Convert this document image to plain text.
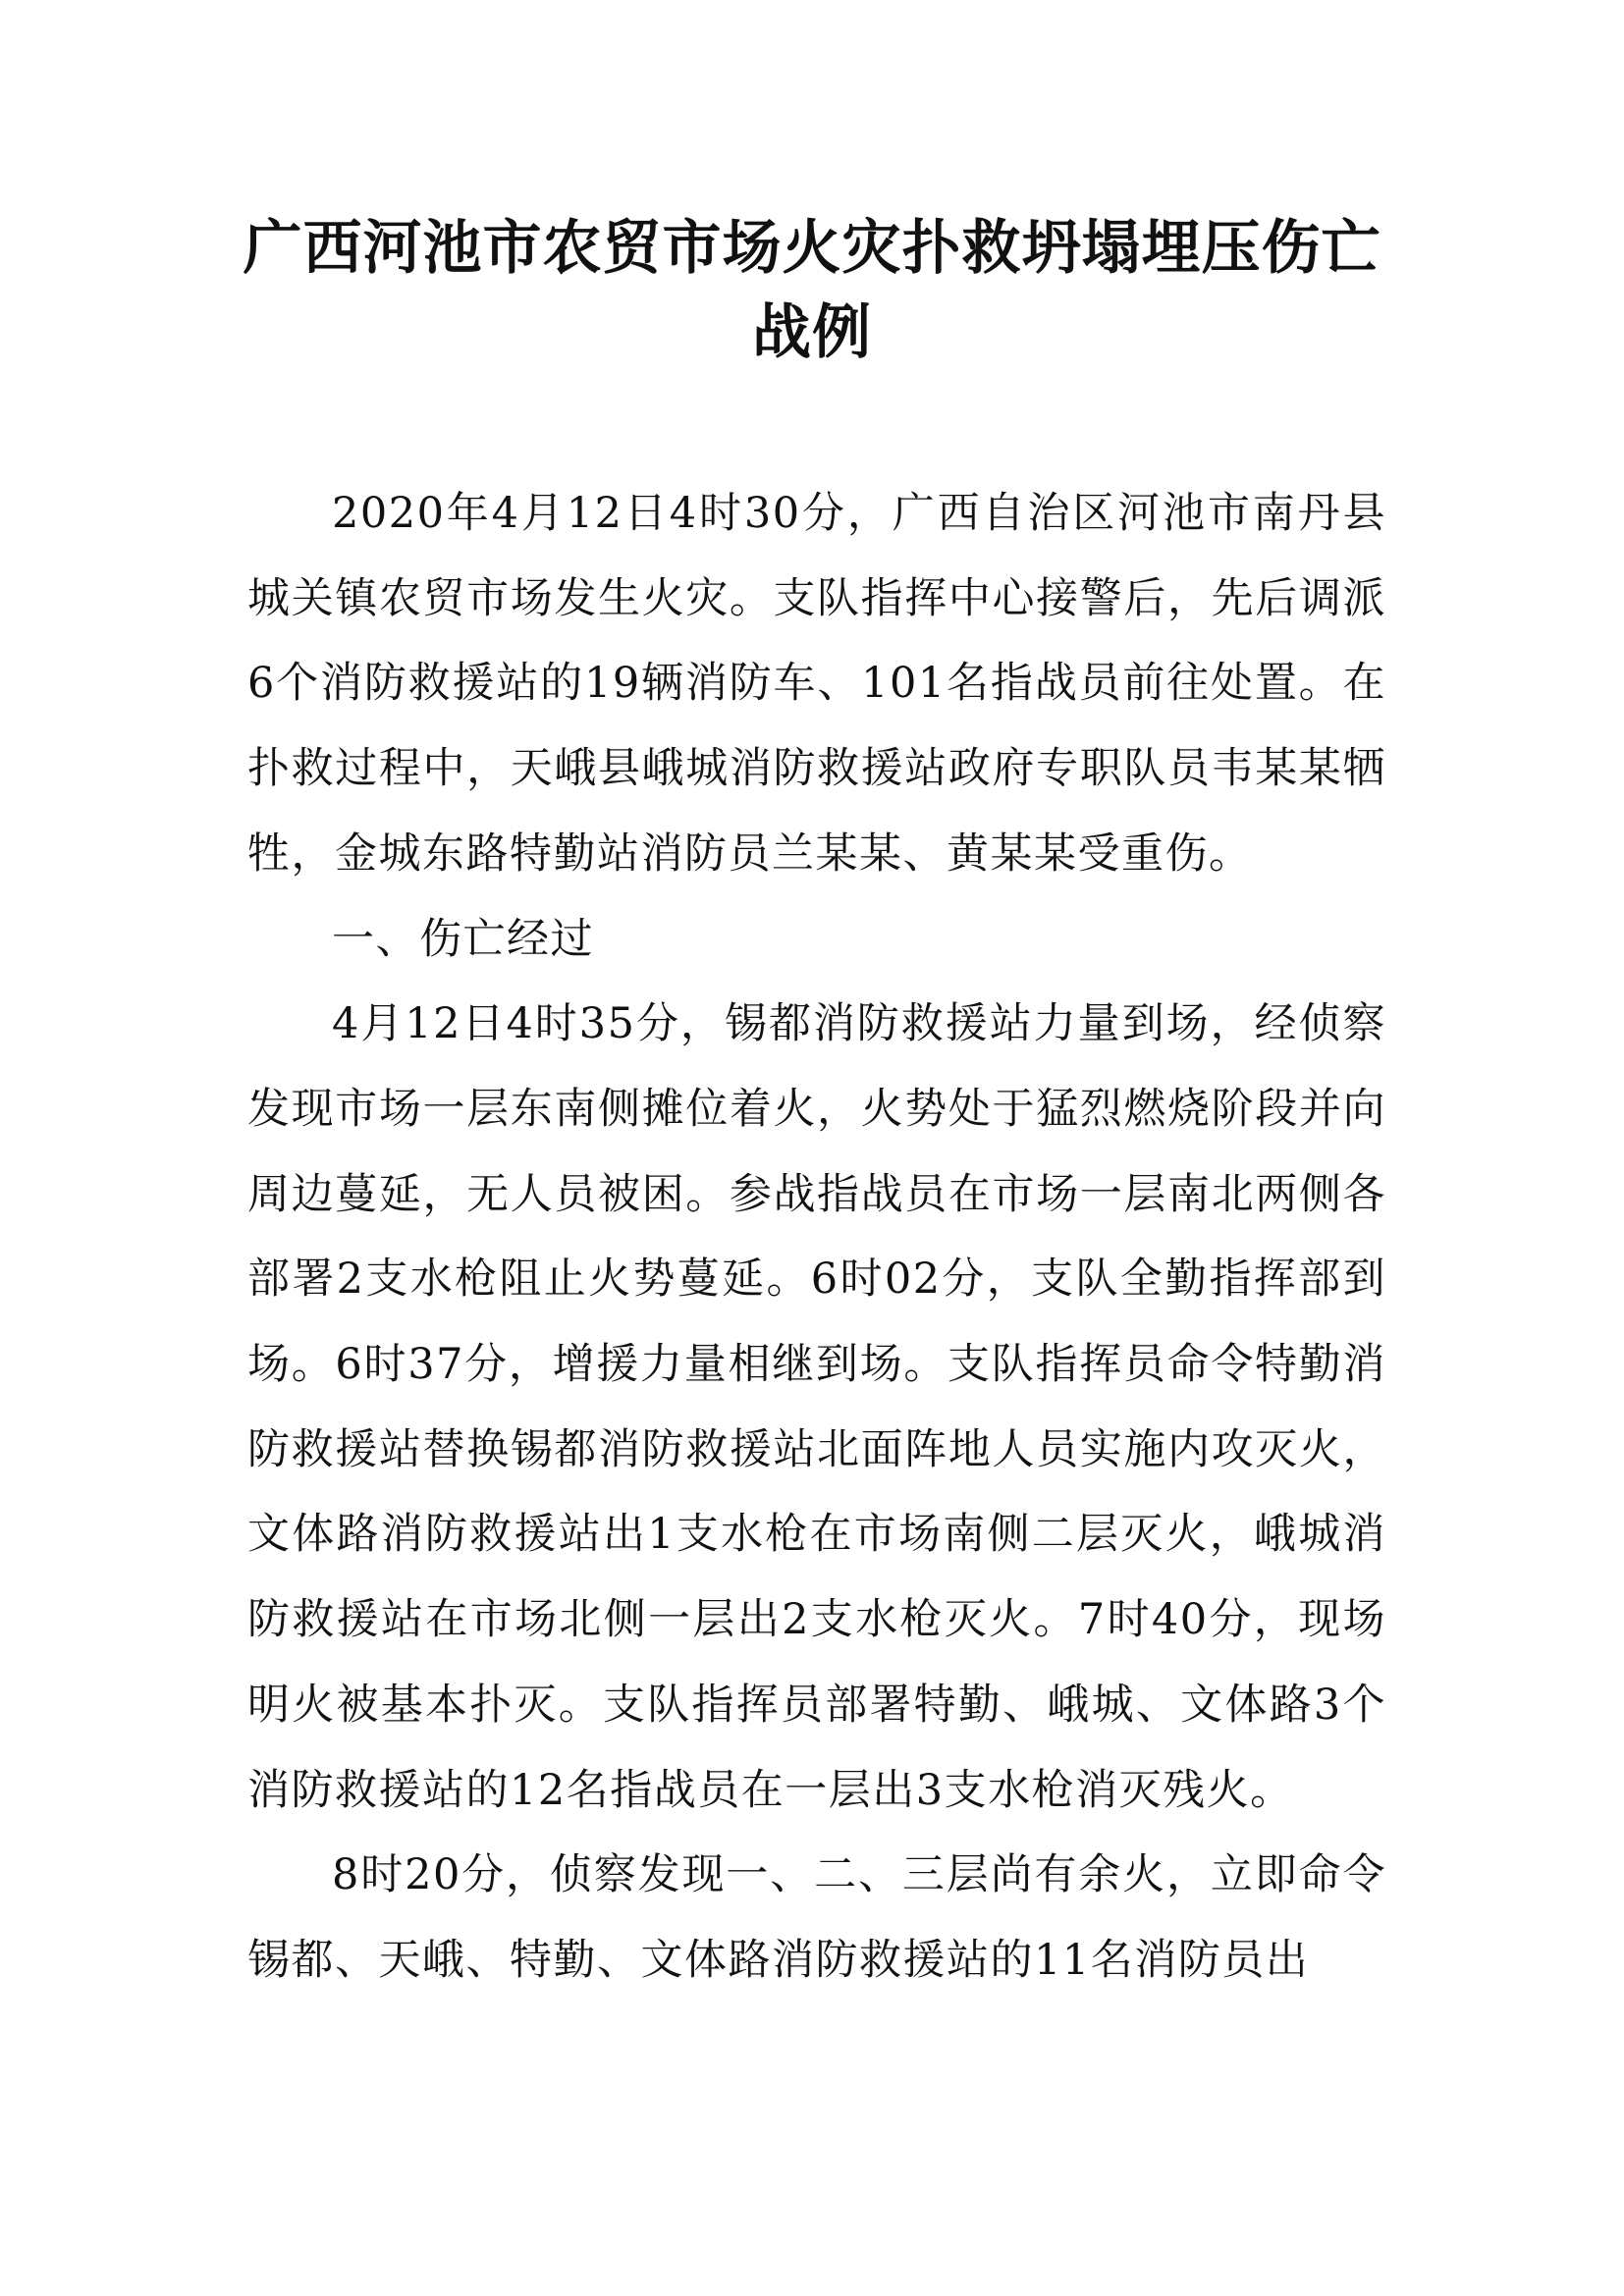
广西河池市农贸市场火灾扑救坍塌埋压伤亡
战例

2020年4月12日4时30分，广西自治区河池市南丹县城关镇农贸市场发生火灾。支队指挥中心接警后，先后调派6个消防救援站的19辆消防车、101名指战员前往处置。在扑救过程中，天峨县峨城消防救援站政府专职队员韦某某牺牲，金城东路特勤站消防员兰某某、黄某某受重伤。

一、伤亡经过

4月12日4时35分，锡都消防救援站力量到场，经侦察发现市场一层东南侧摊位着火，火势处于猛烈燃烧阶段并向周边蔓延，无人员被困。参战指战员在市场一层南北两侧各部署2支水枪阻止火势蔓延。6时02分，支队全勤指挥部到场。6时37分，增援力量相继到场。支队指挥员命令特勤消防救援站替换锡都消防救援站北面阵地人员实施内攻灭火，文体路消防救援站出1支水枪在市场南侧二层灭火，峨城消防救援站在市场北侧一层出2支水枪灭火。7时40分，现场明火被基本扑灭。支队指挥员部署特勤、峨城、文体路3个消防救援站的12名指战员在一层出3支水枪消灭残火。

8时20分，侦察发现一、二、三层尚有余火，立即命令锡都、天峨、特勤、文体路消防救援站的11名消防员出
